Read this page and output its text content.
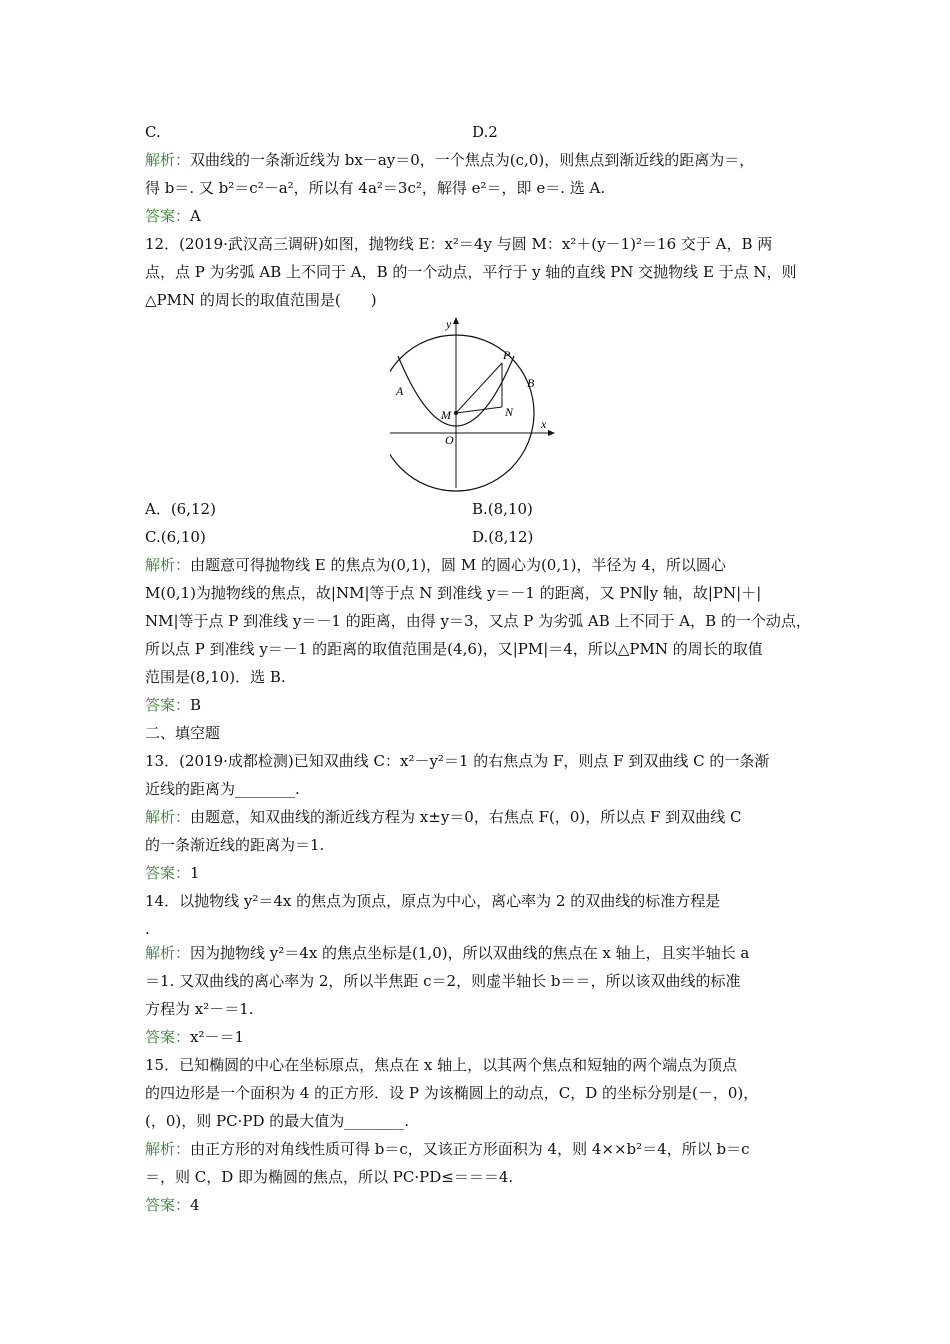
C.	D.2
解析：双曲线的一条渐近线为 bx－ay＝0，一个焦点为(c,0)，则焦点到渐近线的距离为＝，
得 b＝. 又 b²＝c²－a²，所以有 4a²＝3c²，解得 e²＝，即 e＝. 选 A.
答案：A
12．(2019·武汉高三调研)如图，抛物线 E：x²＝4y 与圆 M：x²＋(y－1)²＝16 交于 A，B 两
点，点 P 为劣弧 AB 上不同于 A，B 的一个动点，平行于 y 轴的直线 PN 交抛物线 E 于点 N，则
△PMN 的周长的取值范围是(　　)
y
x
P
A
B
M	N
O
A．(6,12)	B.(8,10)
C.(6,10)	D.(8,12)
解析：由题意可得抛物线 E 的焦点为(0,1)，圆 M 的圆心为(0,1)，半径为 4，所以圆心
M(0,1)为抛物线的焦点，故|NM|等于点 N 到准线 y＝－1 的距离，又 PN∥y 轴，故|PN|＋|
NM|等于点 P 到准线 y＝－1 的距离，由得 y＝3，又点 P 为劣弧 AB 上不同于 A，B 的一个动点，
所以点 P 到准线 y＝－1 的距离的取值范围是(4,6)，又|PM|＝4，所以△PMN 的周长的取值
范围是(8,10)．选 B.
答案：B
二、填空题
13．(2019·成都检测)已知双曲线 C：x²－y²＝1 的右焦点为 F，则点 F 到双曲线 C 的一条渐
近线的距离为________.
解析：由题意，知双曲线的渐近线方程为 x±y＝0，右焦点 F(，0)，所以点 F 到双曲线 C
的一条渐近线的距离为＝1.
答案：1
14．以抛物线 y²＝4x 的焦点为顶点，原点为中心，离心率为 2 的双曲线的标准方程是
.
解析：因为抛物线 y²＝4x 的焦点坐标是(1,0)，所以双曲线的焦点在 x 轴上，且实半轴长 a
＝1. 又双曲线的离心率为 2，所以半焦距 c＝2，则虚半轴长 b＝＝，所以该双曲线的标准
方程为 x²－＝1.
答案：x²－＝1
15．已知椭圆的中心在坐标原点，焦点在 x 轴上，以其两个焦点和短轴的两个端点为顶点
的四边形是一个面积为 4 的正方形．设 P 为该椭圆上的动点，C，D 的坐标分别是(－，0)，
(，0)，则 PC·PD 的最大值为________.
解析：由正方形的对角线性质可得 b＝c，又该正方形面积为 4，则 4××b²＝4，所以 b＝c
＝，则 C，D 即为椭圆的焦点，所以 PC·PD≤＝＝＝4.
答案：4
